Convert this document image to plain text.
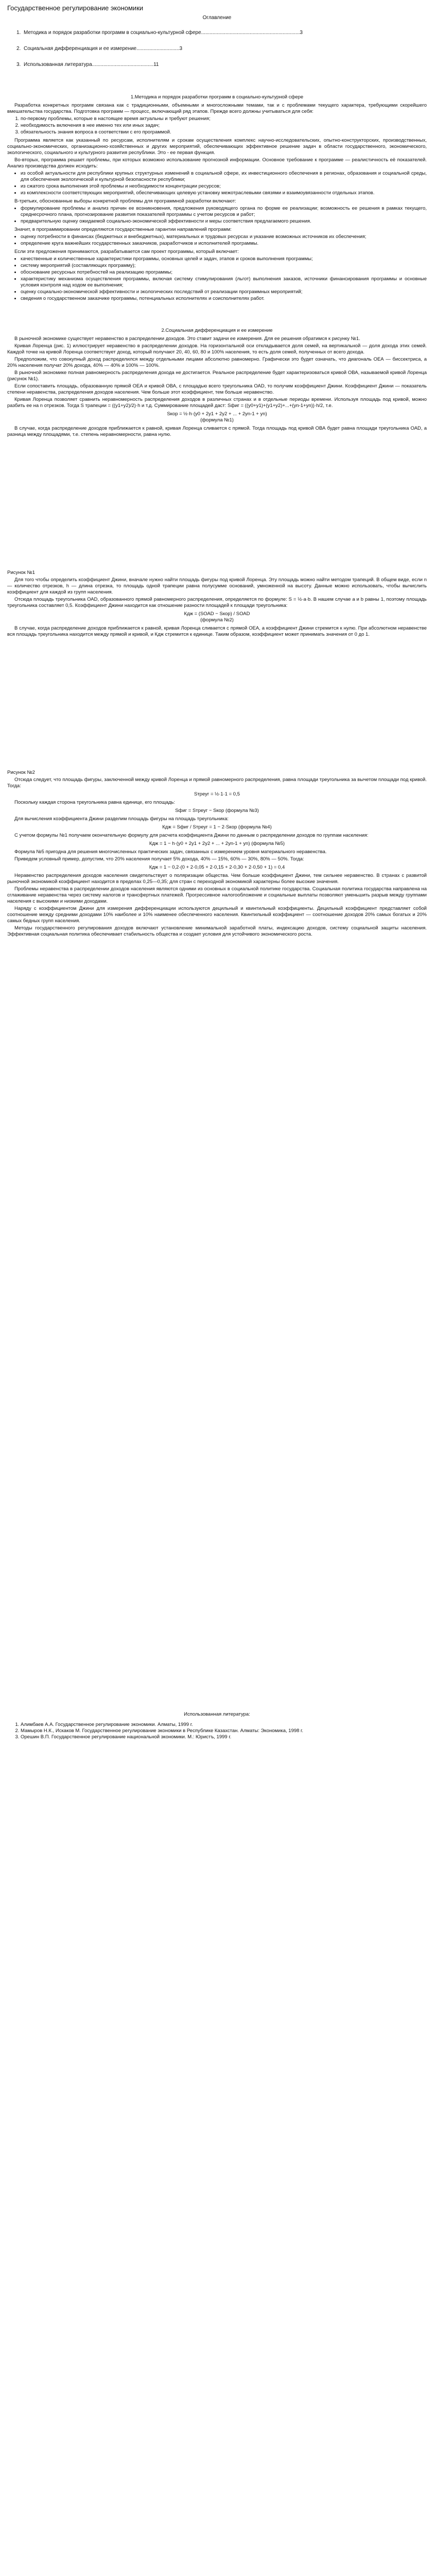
Государственное регулирование экономики
Оглавление
1. Методика и порядок разработки программ в социально-культурной сфере.....................................................................3
2. Социальная дифференциация и ее измерение..............................3
3. Использованная литература...........................................11
1.Методика и порядок разработки программ в социально-культурной сфере

Разработка конкретных программ связана как с традиционными, объемными и многосложными темами, так и с проблемами текущего характера, требующими скорейшего вмешательства государства. Подготовка программ — процесс, включающий ряд этапов. Прежде всего должны учитываться для себя:

1. по-первому проблемы, которые в настоящее время актуальны и требуют решения;
2. необходимость включения в нее именно тех или иных задач;
3. обязательность знания вопроса в соответствии с его программой.

Программа является как указанный по ресурсам, исполнителям и срокам осуществления комплекс научно-исследовательских, опытно-конструкторских, производственных, социально-экономических, организационно-хозяйственных и других мероприятий, обеспечивающих эффективное решение задач в области государственного, экономического, экологического, социального и культурного развития республики. Это - ее первая функция.

Во-вторых, программа решает проблемы, при которых возможно использование прогнозной информации. Основное требование к программе — реалистичность её показателей. Анализ производства должен исходить:

• из особой актуальности для республики крупных структурных изменений в социальной сфере, их инвестиционного обеспечения в регионах, образования и социальной среды, для обеспечения экологической и культурной безопасности республики;
• из сжатого срока выполнения этой проблемы и необходимости концентрации ресурсов;
• из комплексности соответствующих мероприятий, обеспечивающих целевую установку межотраслевыми связями и взаимоувязанности отдельных этапов.

В-третьих, обоснованные выборы конкретной проблемы для программной разработки включают:

• формулирование проблемы и анализ причин ее возникновения, предложения руководящего органа по форме ее реализации; возможность ее решения в рамках текущего, среднесрочного плана, прогнозирование развития показателей программы с учетом ресурсов и работ;
• предварительную оценку ожидаемой социально-экономической эффективности и меры соответствия предлагаемого решения.

Значит, в программировании определяются государственные гарантии направлений программ:

• оценку потребности в финансах (бюджетных и внебюджетных), материальных и трудовых ресурсах и указание возможных источников их обеспечения;
• определение круга важнейших государственных заказчиков, разработчиков и исполнителей программы.

Если эти предложения принимаются, разрабатывается сам проект программы, который включает:

• качественные и количественные характеристики программы, основных целей и задач, этапов и сроков выполнения программы;
• систему мероприятий (составляющих программу);
• обоснование ресурсных потребностей на реализацию программы;
• характеристику механизма осуществления программы, включая систему стимулирования (льгот) выполнения заказов, источники финансирования программы и основные условия контроля над ходом ее выполнения;
• оценку социально-экономической эффективности и экологических последствий от реализации программных мероприятий;
• сведения о государственном заказчике программы, потенциальных исполнителях и соисполнителях работ.
2.Социальная дифференциация и ее измерение

В рыночной экономике существует неравенство в распределении доходов. Это ставит задачи ее измерения. Для ее решения обратимся к рисунку №1.

Кривая Лоренца (рис. 1) иллюстрирует неравенство в распределении доходов. На горизонтальной оси откладывается доля семей, на вертикальной — доля дохода этих семей. Каждой точке на кривой Лоренца соответствует доход, который получают 20, 40, 60, 80 и 100% населения, то есть доля семей, полученных от всего дохода.

Предположим, что совокупный доход распределился между отдельными лицами абсолютно равномерно. Графически это будет означать, что диагональ ОЕА — биссектриса, а 20% населения получат 20% дохода, 40% — 40% и 100% — 100%.

В рыночной экономике полная равномерность распределения дохода не достигается. Реальное распределение будет характеризоваться кривой ОВА, называемой кривой Лоренца (рисунок №1).

Если сопоставить площадь, образованную прямой ОЕА и кривой ОВА, с площадью всего треугольника ОАD, то получим коэффициент Джини. Коэффициент Джини — показатель степени неравенства, распределения доходов населения. Чем больше этот коэффициент, тем больше неравенство.

Кривая Лоренца позволяет сравнить неравномерность распределения доходов в различных странах и в отдельные периоды времени. Используя площадь под кривой, можно разбить ее на n отрезков. Тогда S трапеции = ((y1+y2)/2)·h и т.д. Суммирование площадей даст: Sфиг = ((y0+y1)+(y1+y2)+...+(yn-1+yn))·h/2, т.е.

Sкор = ½·h·(y0 + 2y1 + 2y2 + ... + 2yn-1 + yn)
(формула №1)

В случае, когда распределение доходов приближается к равной, кривая Лоренца сливается с прямой. Тогда площадь под кривой ОВА будет равна площади треугольника ОАD, а разница между площадями, т.е. степень неравномерности, равна нулю.

Рисунок №1

Для того чтобы определить коэффициент Джини, вначале нужно найти площадь фигуры под кривой Лоренца. Эту площадь можно найти методом трапеций. В общем виде, если n — количество отрезков, h — длина отрезка, то площадь одной трапеции равна полусумме оснований, умноженной на высоту. Данные можно использовать, чтобы вычислить коэффициент для каждой из групп населения.

Отсюда площадь треугольника ОАD, образованного прямой равномерного распределения, определяется по формуле: S = ½·a·b. В нашем случае a и b равны 1, поэтому площадь треугольника составляет 0,5. Коэффициент Джини находится как отношение разности площадей к площади треугольника:

Кдж = (SОАD − Sкор) / SОАD
(формула №2)

В случае, когда распределение доходов приближается к равной, кривая Лоренца сливается с прямой ОЕА, а коэффициент Джини стремится к нулю. При абсолютном неравенстве вся площадь треугольника находится между прямой и кривой, и Кдж стремится к единице. Таким образом, коэффициент может принимать значения от 0 до 1.

Рисунок №2

Отсюда следует, что площадь фигуры, заключенной между кривой Лоренца и прямой равномерного распределения, равна площади треугольника за вычетом площади под кривой. Тогда:

Sтреуг = ½·1·1 = 0,5

Поскольку каждая сторона треугольника равна единице, его площадь:

Sфиг = Sтреуг − Sкор (формула №3)

Для вычисления коэффициента Джини разделим площадь фигуры на площадь треугольника:

Кдж = Sфиг / Sтреуг = 1 − 2·Sкор (формула №4)

С учетом формулы №1 получаем окончательную формулу для расчета коэффициента Джини по данным о распределении доходов по группам населения:

Кдж = 1 − h·(y0 + 2y1 + 2y2 + ... + 2yn-1 + yn) (формула №5)

Формула №5 пригодна для решения многочисленных практических задач, связанных с измерением уровня материального неравенства.

Приведем условный пример, допустим, что 20% населения получает 5% дохода, 40% — 15%, 60% — 30%, 80% — 50%. Тогда:

Кдж = 1 − 0,2·(0 + 2·0,05 + 2·0,15 + 2·0,30 + 2·0,50 + 1) = 0,4

Неравенство распределения доходов населения свидетельствует о поляризации общества. Чем больше коэффициент Джини, тем сильнее неравенство. В странах с развитой рыночной экономикой коэффициент находится в пределах 0,25—0,35; для стран с переходной экономикой характерны более высокие значения.

Проблемы неравенства в распределении доходов населения являются одними из основных в социальной политике государства. Социальная политика государства направлена на сглаживание неравенства через систему налогов и трансфертных платежей. Прогрессивное налогообложение и социальные выплаты позволяют уменьшить разрыв между группами населения с высокими и низкими доходами.

Наряду с коэффициентом Джини для измерения дифференциации используются децильный и квинтильный коэффициенты. Децильный коэффициент представляет собой соотношение между средними доходами 10% наиболее и 10% наименее обеспеченного населения. Квинтильный коэффициент — соотношение доходов 20% самых богатых и 20% самых бедных групп населения.

Методы государственного регулирования доходов включают установление минимальной заработной платы, индексацию доходов, систему социальной защиты населения. Эффективная социальная политика обеспечивает стабильность общества и создает условия для устойчивого экономического роста.

Использованная литература:
1. Алимбаев А.А. Государственное регулирование экономики. Алматы, 1999 г.
2. Мамыров Н.К., Искаков М. Государственное регулирование экономики в Республике Казахстан. Алматы: Экономика, 1998 г.
3. Орешин В.П. Государственное регулирование национальной экономики. М.: Юристъ, 1999 г.
